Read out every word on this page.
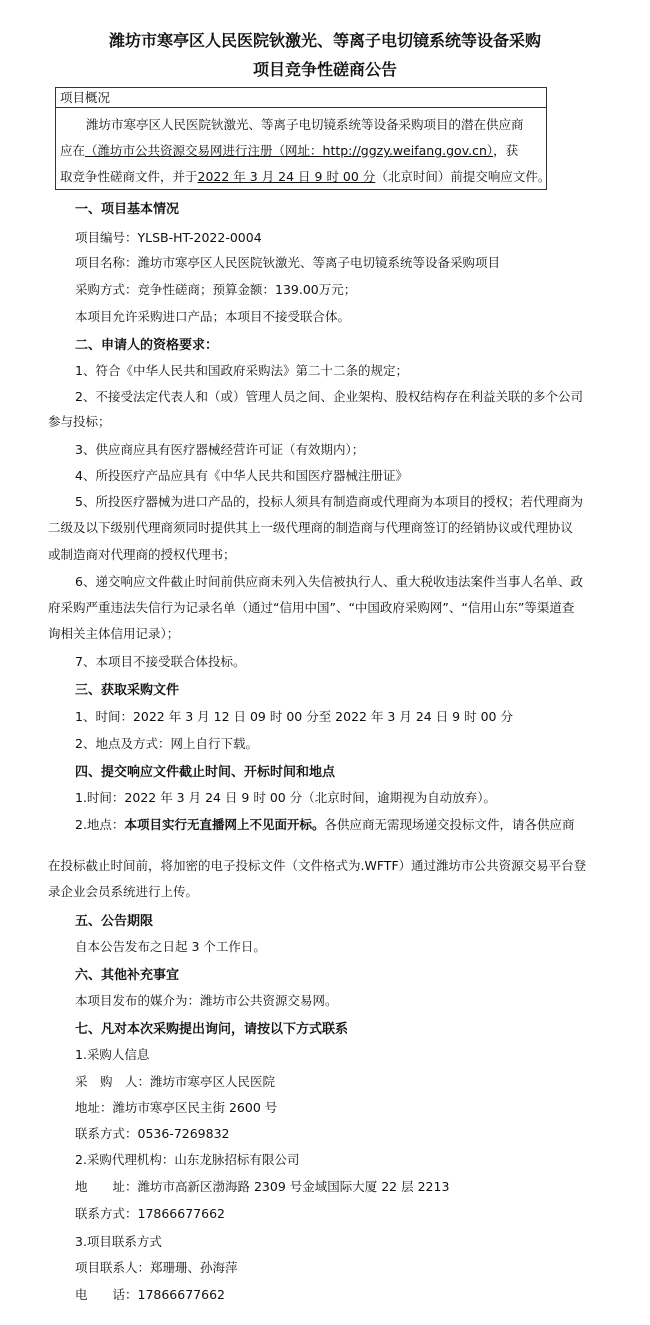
潍坊市寒亭区人民医院钬激光、等离子电切镜系统等设备采购
项目竞争性磋商公告
项目概况
潍坊市寒亭区人民医院钬激光、等离子电切镜系统等设备采购项目的潜在供应商
应在（潍坊市公共资源交易网进行注册（网址：http://ggzy.weifang.gov.cn），获
取竞争性磋商文件，并于2022 年 3 月 24 日 9 时 00 分（北京时间）前提交响应文件。
一、项目基本情况
项目编号：YLSB-HT-2022-0004
项目名称：潍坊市寒亭区人民医院钬激光、等离子电切镜系统等设备采购项目
采购方式：竞争性磋商；预算金额：139.00万元；
本项目允许采购进口产品；本项目不接受联合体。
二、申请人的资格要求：
1、符合《中华人民共和国政府采购法》第二十二条的规定；
2、不接受法定代表人和（或）管理人员之间、企业架构、股权结构存在利益关联的多个公司
参与投标；
3、供应商应具有医疗器械经营许可证（有效期内）；
4、所投医疗产品应具有《中华人民共和国医疗器械注册证》
5、所投医疗器械为进口产品的，投标人须具有制造商或代理商为本项目的授权；若代理商为
二级及以下级别代理商须同时提供其上一级代理商的制造商与代理商签订的经销协议或代理协议
或制造商对代理商的授权代理书；
6、递交响应文件截止时间前供应商未列入失信被执行人、重大税收违法案件当事人名单、政
府采购严重违法失信行为记录名单（通过“信用中国”、“中国政府采购网”、“信用山东”等渠道查
询相关主体信用记录）；
7、本项目不接受联合体投标。
三、获取采购文件
1、时间：2022 年 3 月 12 日 09 时 00 分至 2022 年 3 月 24 日 9 时 00 分
2、地点及方式：网上自行下载。
四、提交响应文件截止时间、开标时间和地点
1.时间：2022 年 3 月 24 日 9 时 00 分（北京时间，逾期视为自动放弃）。
在投标截止时间前，将加密的电子投标文件（文件格式为.WFTF）通过潍坊市公共资源交易平台登
录企业会员系统进行上传。
五、公告期限
自本公告发布之日起 3 个工作日。
六、其他补充事宜
本项目发布的媒介为：潍坊市公共资源交易网。
七、凡对本次采购提出询问，请按以下方式联系
1.采购人信息
采　购　人：潍坊市寒亭区人民医院
地址：潍坊市寒亭区民主街 2600 号
联系方式：0536-7269832
2.采购代理机构：山东龙脉招标有限公司
地　　址：潍坊市高新区渤海路 2309 号金域国际大厦 22 层 2213
联系方式：17866677662
3.项目联系方式
项目联系人：郑珊珊、孙海萍
电　　话：17866677662
2.地点：本项目实行无直播网上不见面开标。各供应商无需现场递交投标文件，请各供应商
